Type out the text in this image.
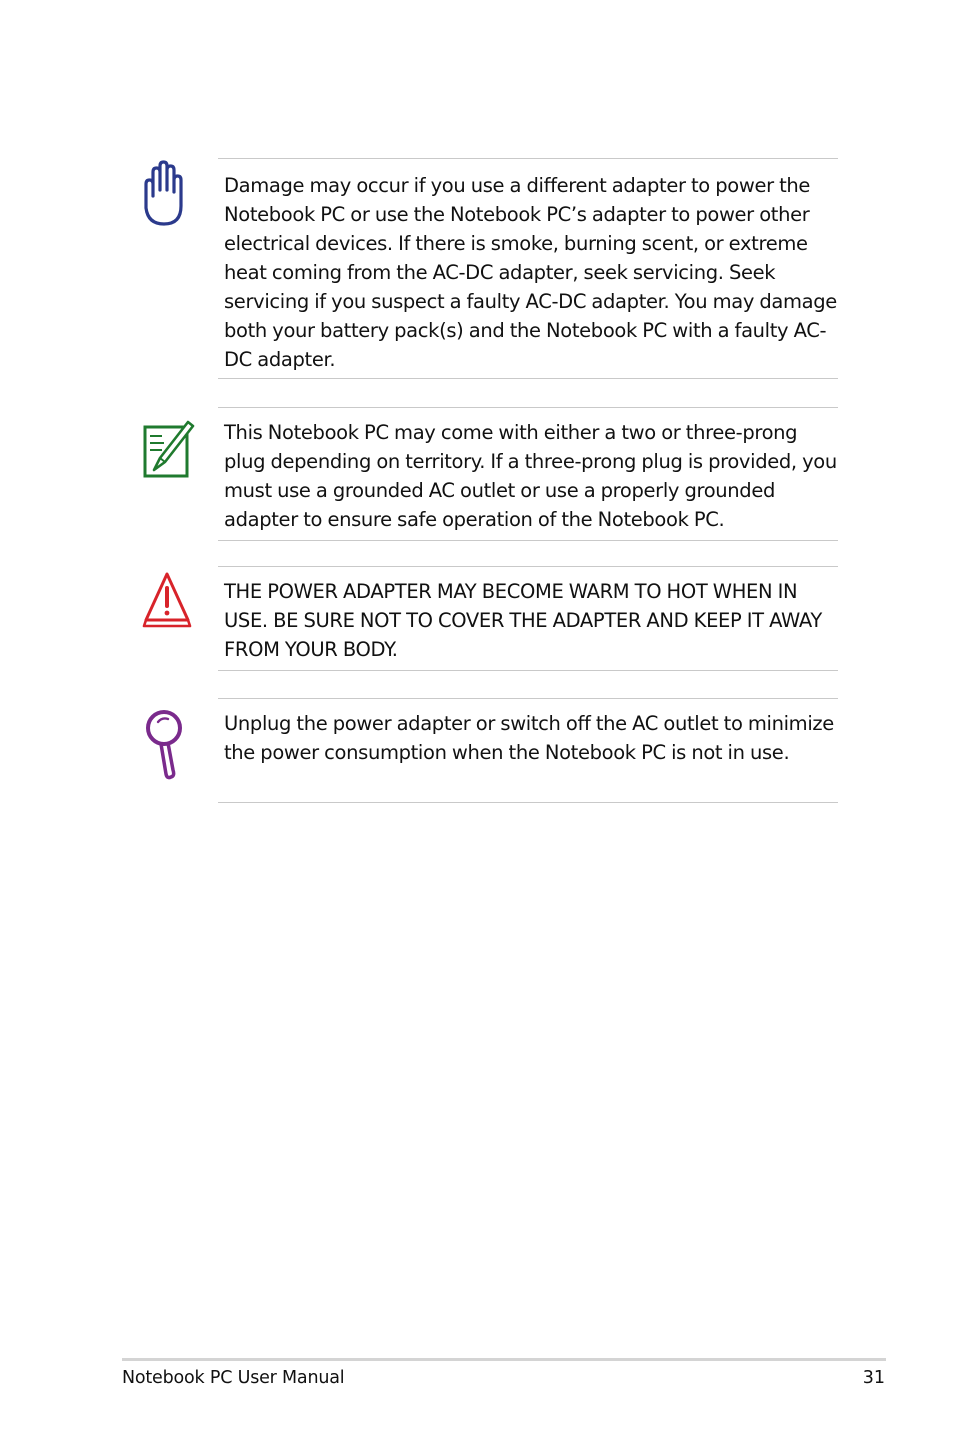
Damage may occur if you use a different adapter to power the Notebook PC or use the Notebook PC’s adapter to power other electrical devices. If there is smoke, burning scent, or extreme heat coming from the AC-DC adapter, seek servicing. Seek servicing if you suspect a faulty AC-DC adapter. You may damage both your battery pack(s) and the Notebook PC with a faulty AC-DC adapter.
This Notebook PC may come with either a two or three-prong plug depending on territory. If a three-prong plug is provided, you must use a grounded AC outlet or use a properly grounded adapter to ensure safe operation of the Notebook PC.
THE POWER ADAPTER MAY BECOME WARM TO HOT WHEN IN USE. BE SURE NOT TO COVER THE ADAPTER AND KEEP IT AWAY FROM YOUR BODY.
Unplug the power adapter or switch off the AC outlet to minimize the power consumption when the Notebook PC is not in use.
Notebook PC User Manual	31
